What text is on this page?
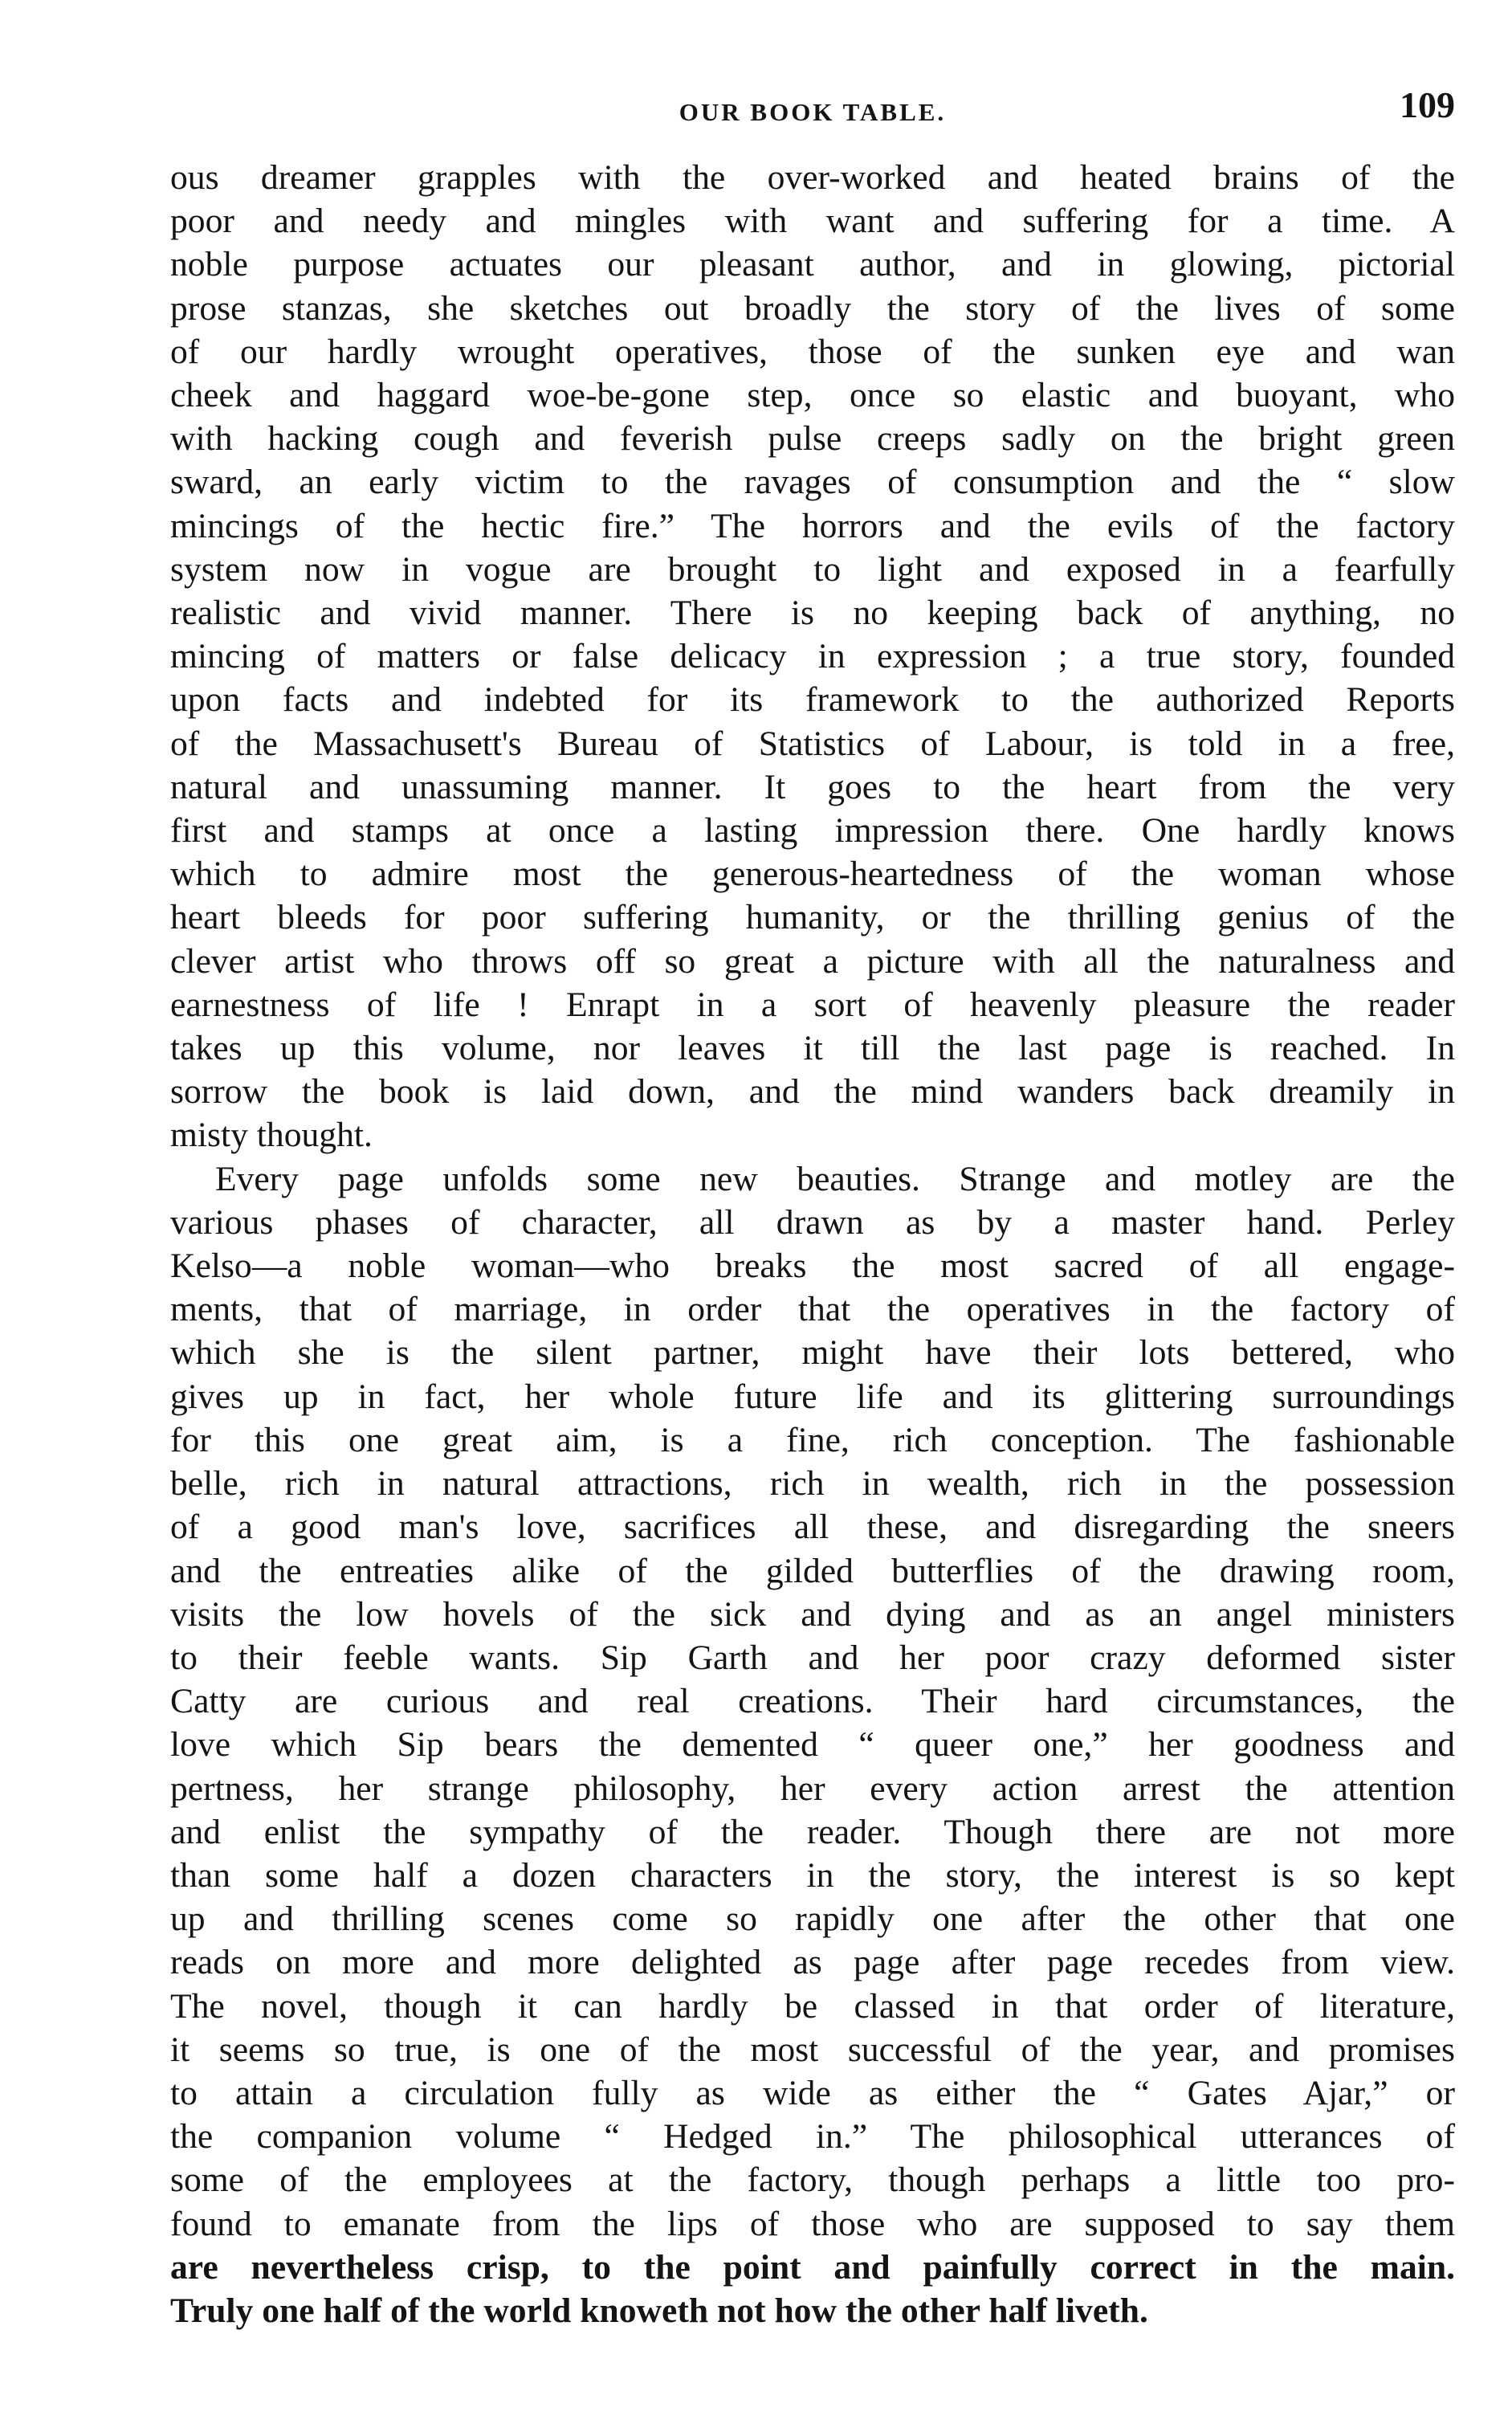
OUR BOOK TABLE.	109
ous dreamer grapples with the over-worked and heated brains of the
poor and needy and mingles with want and suffering for a time. A
noble purpose actuates our pleasant author, and in glowing, pictorial
prose stanzas, she sketches out broadly the story of the lives of some
of our hardly wrought operatives, those of the sunken eye and wan
cheek and haggard woe-be-gone step, once so elastic and buoyant, who
with hacking cough and feverish pulse creeps sadly on the bright green
sward, an early victim to the ravages of consumption and the “ slow
mincings of the hectic fire.” The horrors and the evils of the factory
system now in vogue are brought to light and exposed in a fearfully
realistic and vivid manner. There is no keeping back of anything, no
mincing of matters or false delicacy in expression ; a true story, founded
upon facts and indebted for its framework to the authorized Reports
of the Massachusett's Bureau of Statistics of Labour, is told in a free,
natural and unassuming manner. It goes to the heart from the very
first and stamps at once a lasting impression there. One hardly knows
which to admire most the generous-heartedness of the woman whose
heart bleeds for poor suffering humanity, or the thrilling genius of the
clever artist who throws off so great a picture with all the naturalness and
earnestness of life ! Enrapt in a sort of heavenly pleasure the reader
takes up this volume, nor leaves it till the last page is reached. In
sorrow the book is laid down, and the mind wanders back dreamily in
misty thought.
Every page unfolds some new beauties. Strange and motley are the
various phases of character, all drawn as by a master hand. Perley
Kelso—a noble woman—who breaks the most sacred of all engage-
ments, that of marriage, in order that the operatives in the factory of
which she is the silent partner, might have their lots bettered, who
gives up in fact, her whole future life and its glittering surroundings
for this one great aim, is a fine, rich conception. The fashionable
belle, rich in natural attractions, rich in wealth, rich in the possession
of a good man's love, sacrifices all these, and disregarding the sneers
and the entreaties alike of the gilded butterflies of the drawing room,
visits the low hovels of the sick and dying and as an angel ministers
to their feeble wants. Sip Garth and her poor crazy deformed sister
Catty are curious and real creations. Their hard circumstances, the
love which Sip bears the demented “ queer one,” her goodness and
pertness, her strange philosophy, her every action arrest the attention
and enlist the sympathy of the reader. Though there are not more
than some half a dozen characters in the story, the interest is so kept
up and thrilling scenes come so rapidly one after the other that one
reads on more and more delighted as page after page recedes from view.
The novel, though it can hardly be classed in that order of literature,
it seems so true, is one of the most successful of the year, and promises
to attain a circulation fully as wide as either the “ Gates Ajar,” or
the companion volume “ Hedged in.” The philosophical utterances of
some of the employees at the factory, though perhaps a little too pro-
found to emanate from the lips of those who are supposed to say them
are nevertheless crisp, to the point and painfully correct in the main.
Truly one half of the world knoweth not how the other half liveth.
